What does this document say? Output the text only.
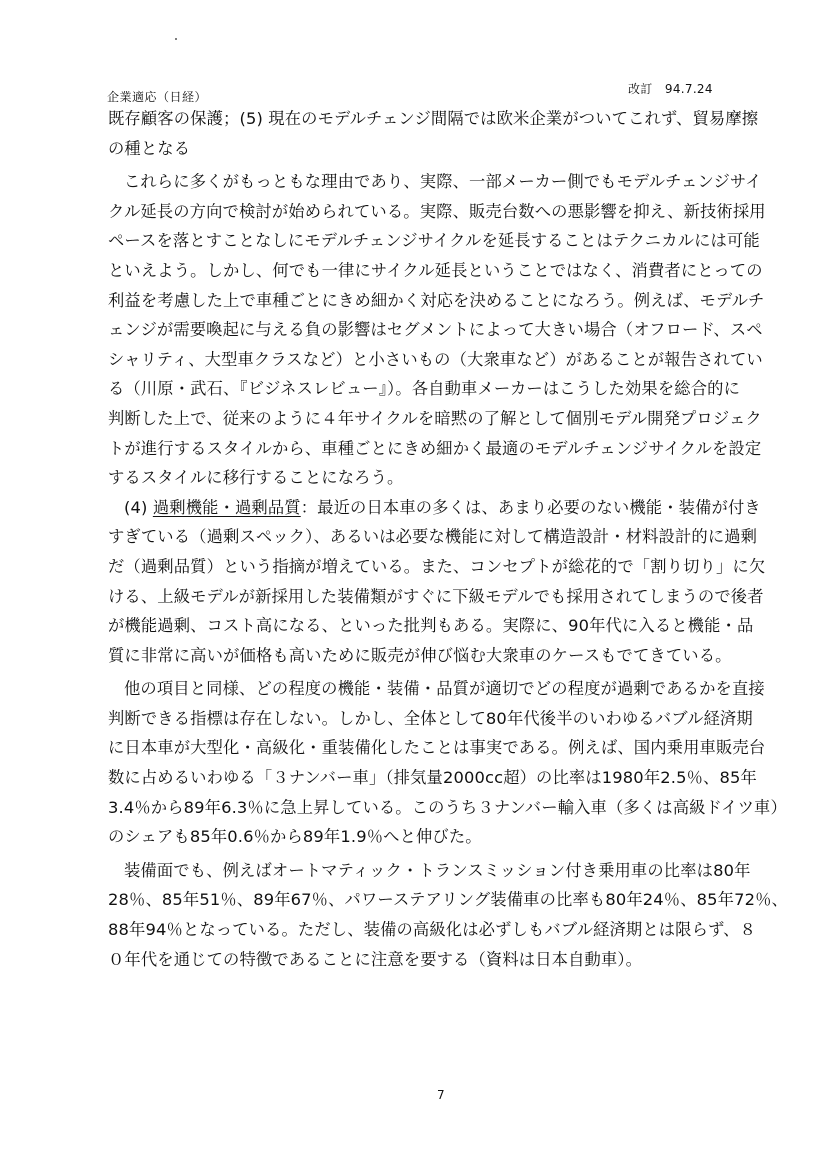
企業適応（日経）
改訂　94.7.24
既存顧客の保護；(5) 現在のモデルチェンジ間隔では欧米企業がついてこれず、貿易摩擦
の種となる
これらに多くがもっともな理由であり、実際、一部メーカー側でもモデルチェンジサイ
クル延長の方向で検討が始められている。実際、販売台数への悪影響を抑え、新技術採用
ペースを落とすことなしにモデルチェンジサイクルを延長することはテクニカルには可能
といえよう。しかし、何でも一律にサイクル延長ということではなく、消費者にとっての
利益を考慮した上で車種ごとにきめ細かく対応を決めることになろう。例えば、モデルチ
ェンジが需要喚起に与える負の影響はセグメントによって大きい場合（オフロード、スペ
シャリティ、大型車クラスなど）と小さいもの（大衆車など）があることが報告されてい
る（川原・武石、『ビジネスレビュー』）。各自動車メーカーはこうした効果を総合的に
判断した上で、従来のように４年サイクルを暗黙の了解として個別モデル開発プロジェク
トが進行するスタイルから、車種ごとにきめ細かく最適のモデルチェンジサイクルを設定
するスタイルに移行することになろう。
(4) 過剰機能・過剰品質：最近の日本車の多くは、あまり必要のない機能・装備が付き
すぎている（過剰スペック）、あるいは必要な機能に対して構造設計・材料設計的に過剰
だ（過剰品質）という指摘が増えている。また、コンセプトが総花的で「割り切り」に欠
ける、上級モデルが新採用した装備類がすぐに下級モデルでも採用されてしまうので後者
が機能過剰、コスト高になる、といった批判もある。実際に、90年代に入ると機能・品
質に非常に高いが価格も高いために販売が伸び悩む大衆車のケースもでてきている。
他の項目と同様、どの程度の機能・装備・品質が適切でどの程度が過剰であるかを直接
判断できる指標は存在しない。しかし、全体として80年代後半のいわゆるバブル経済期
に日本車が大型化・高級化・重装備化したことは事実である。例えば、国内乗用車販売台
数に占めるいわゆる「３ナンバー車」（排気量2000cc超）の比率は1980年2.5％、85年
3.4％から89年6.3％に急上昇している。このうち３ナンバー輸入車（多くは高級ドイツ車）
のシェアも85年0.6％から89年1.9％へと伸びた。
装備面でも、例えばオートマティック・トランスミッション付き乗用車の比率は80年
28％、85年51％、89年67％、パワーステアリング装備車の比率も80年24％、85年72％、
88年94％となっている。ただし、装備の高級化は必ずしもバブル経済期とは限らず、８
０年代を通じての特徴であることに注意を要する（資料は日本自動車）。
7
